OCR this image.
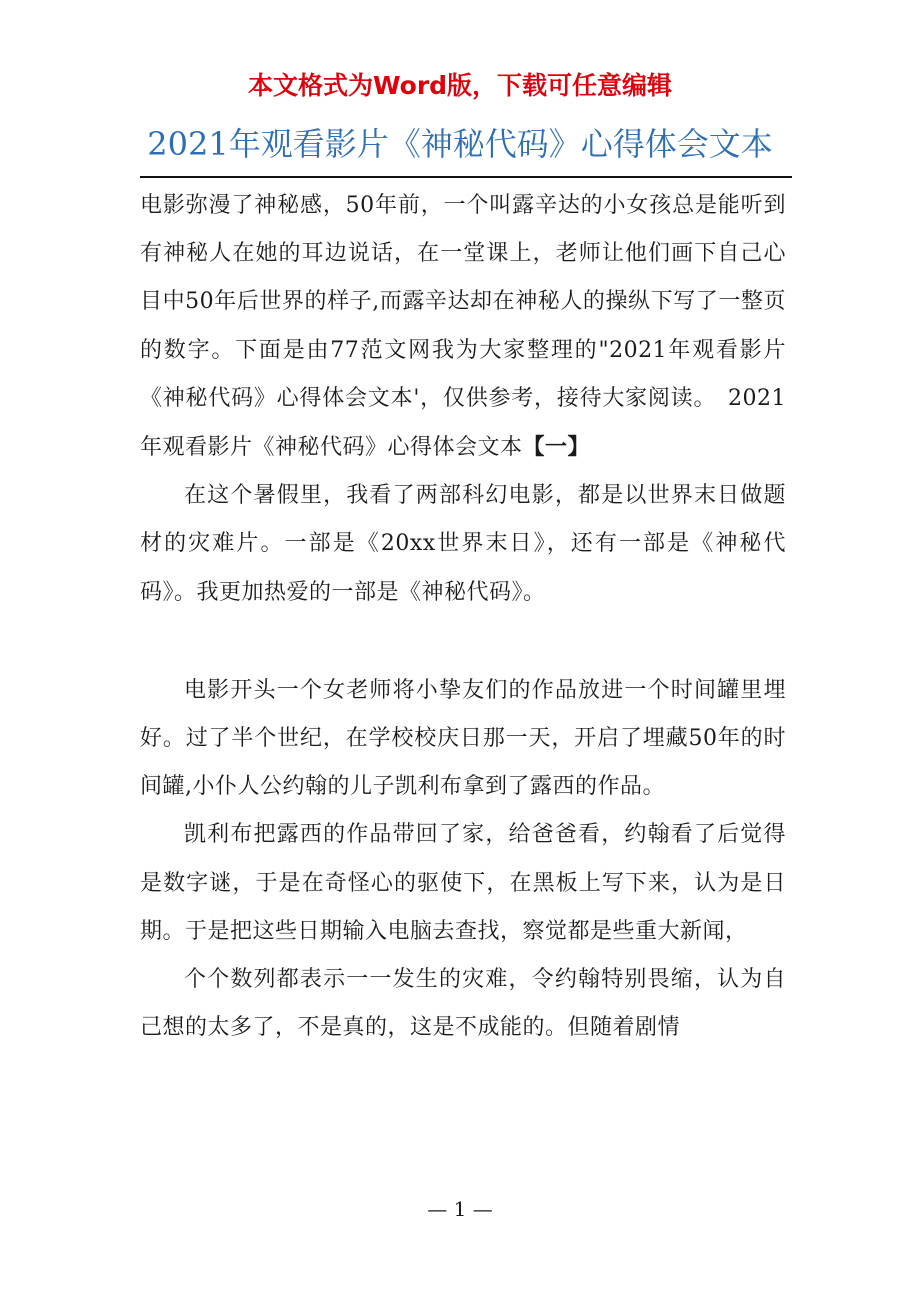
本文格式为Word版，下载可任意编辑
2021年观看影片《神秘代码》心得体会文本

电影弥漫了神秘感，50年前，一个叫露辛达的小女孩总是能听到有神秘人在她的耳边说话，在一堂课上，老师让他们画下自己心目中50年后世界的样子,而露辛达却在神秘人的操纵下写了一整页的数字。下面是由77范文网我为大家整理的"2021年观看影片《神秘代码》心得体会文本'，仅供参考，接待大家阅读。　2021年观看影片《神秘代码》心得体会文本【一】

在这个暑假里，我看了两部科幻电影，都是以世界末日做题材的灾难片。一部是《20xx世界末日》，还有一部是《神秘代码》。我更加热爱的一部是《神秘代码》。

电影开头一个女老师将小挚友们的作品放进一个时间罐里埋好。过了半个世纪，在学校校庆日那一天，开启了埋藏50年的时间罐,小仆人公约翰的儿子凯利布拿到了露西的作品。

凯利布把露西的作品带回了家，给爸爸看，约翰看了后觉得是数字谜，于是在奇怪心的驱使下，在黑板上写下来，认为是日期。于是把这些日期输入电脑去查找，察觉都是些重大新闻，

个个数列都表示一一发生的灾难，令约翰特别畏缩，认为自己想的太多了，不是真的，这是不成能的。但随着剧情

— 1 —
